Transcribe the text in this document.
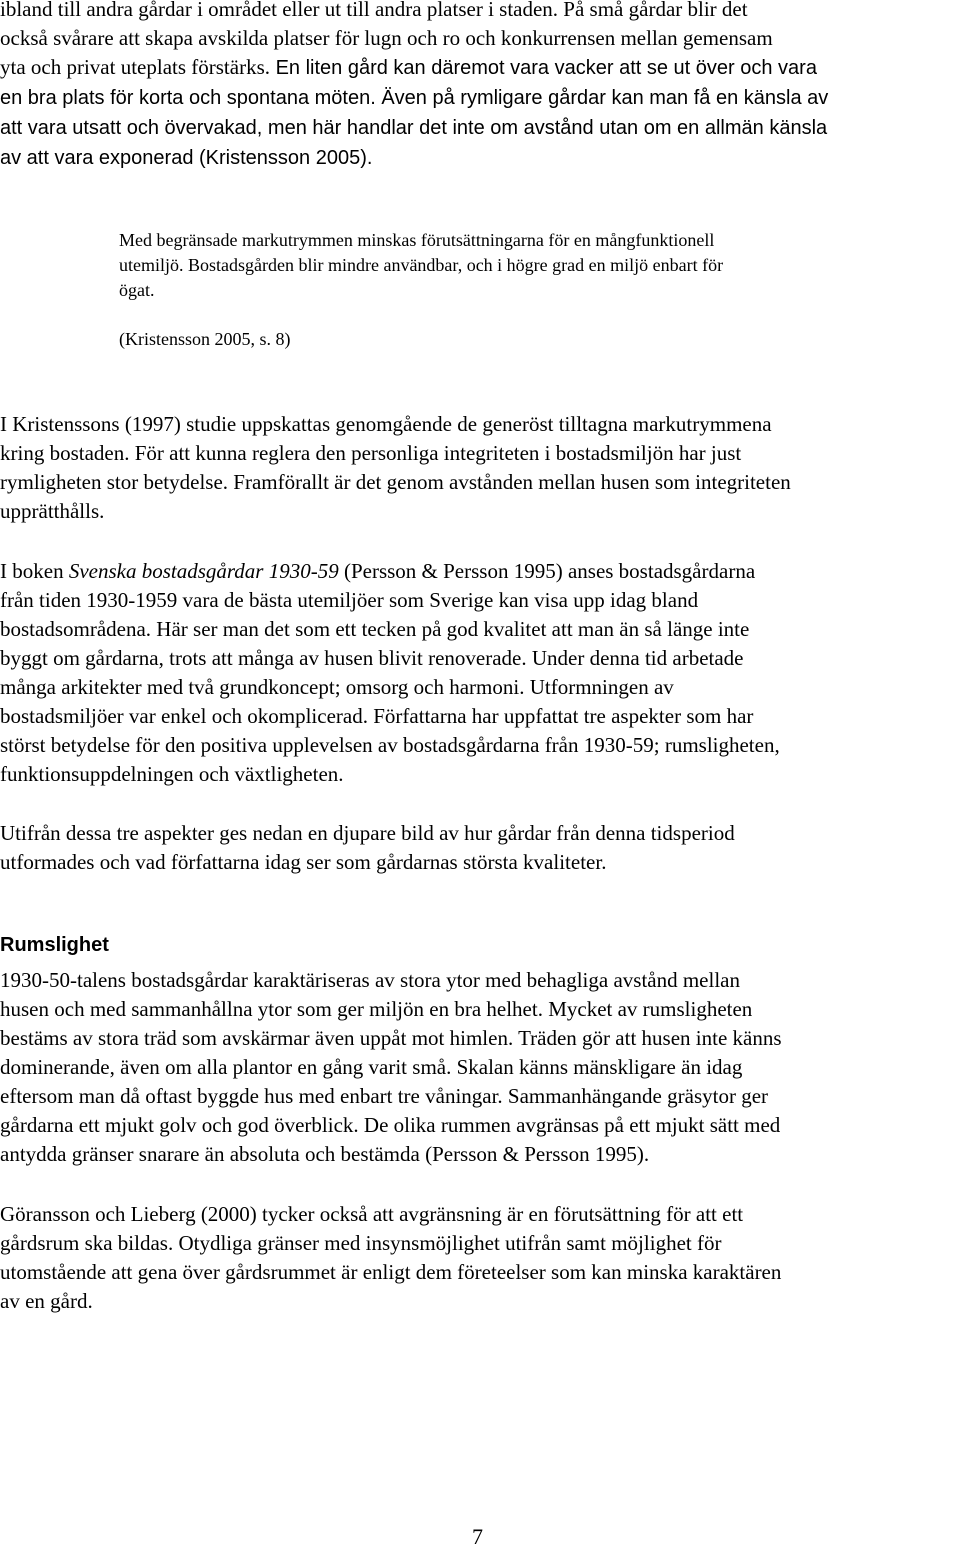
ibland till andra gårdar i området eller ut till andra platser i staden. På små gårdar blir det
också svårare att skapa avskilda platser för lugn och ro och konkurrensen mellan gemensam
yta och privat uteplats förstärks. En liten gård kan däremot vara vacker att se ut över och vara
en bra plats för korta och spontana möten. Även på rymligare gårdar kan man få en känsla av
att vara utsatt och övervakad, men här handlar det inte om avstånd utan om en allmän känsla
av att vara exponerad (Kristensson 2005).

Med begränsade markutrymmen minskas förutsättningarna för en mångfunktionell
utemiljö. Bostadsgården blir mindre användbar, och i högre grad en miljö enbart för
ögat.

(Kristensson 2005, s. 8)

I Kristenssons (1997) studie uppskattas genomgående de generöst tilltagna markutrymmena
kring bostaden. För att kunna reglera den personliga integriteten i bostadsmiljön har just
rymligheten stor betydelse. Framförallt är det genom avstånden mellan husen som integriteten
upprätthålls.

I boken Svenska bostadsgårdar 1930-59 (Persson & Persson 1995) anses bostadsgårdarna
från tiden 1930-1959 vara de bästa utemiljöer som Sverige kan visa upp idag bland
bostadsområdena. Här ser man det som ett tecken på god kvalitet att man än så länge inte
byggt om gårdarna, trots att många av husen blivit renoverade. Under denna tid arbetade
många arkitekter med två grundkoncept; omsorg och harmoni. Utformningen av
bostadsmiljöer var enkel och okomplicerad. Författarna har uppfattat tre aspekter som har
störst betydelse för den positiva upplevelsen av bostadsgårdarna från 1930-59; rumsligheten,
funktionsuppdelningen och växtligheten.

Utifrån dessa tre aspekter ges nedan en djupare bild av hur gårdar från denna tidsperiod
utformades och vad författarna idag ser som gårdarnas största kvaliteter.

Rumslighet

1930-50-talens bostadsgårdar karaktäriseras av stora ytor med behagliga avstånd mellan
husen och med sammanhållna ytor som ger miljön en bra helhet. Mycket av rumsligheten
bestäms av stora träd som avskärmar även uppåt mot himlen. Träden gör att husen inte känns
dominerande, även om alla plantor en gång varit små. Skalan känns mänskligare än idag
eftersom man då oftast byggde hus med enbart tre våningar. Sammanhängande gräsytor ger
gårdarna ett mjukt golv och god överblick. De olika rummen avgränsas på ett mjukt sätt med
antydda gränser snarare än absoluta och bestämda (Persson & Persson 1995).

Göransson och Lieberg (2000) tycker också att avgränsning är en förutsättning för att ett
gårdsrum ska bildas. Otydliga gränser med insynsmöjlighet utifrån samt möjlighet för
utomstående att gena över gårdsrummet är enligt dem företeelser som kan minska karaktären
av en gård.

7
